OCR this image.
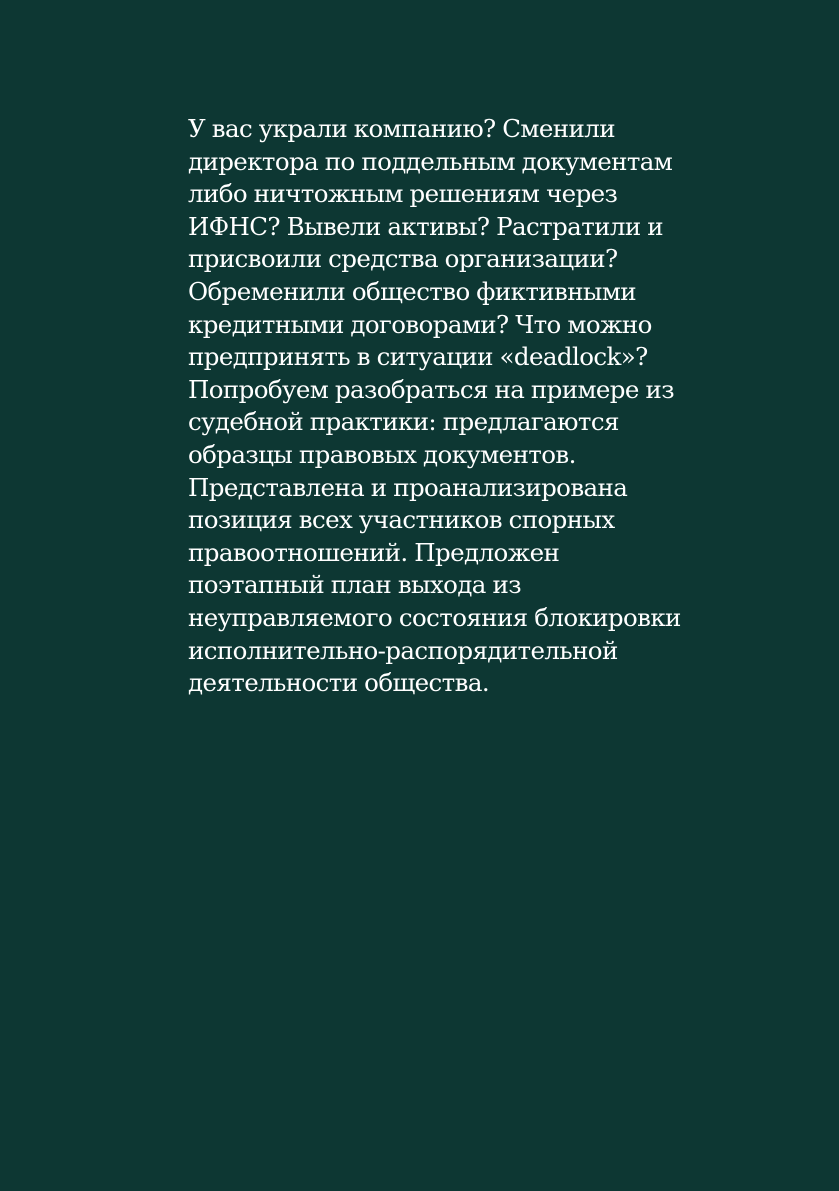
У вас украли компанию? Сменили
директора по поддельным документам
либо ничтожным решениям через
ИФНС? Вывели активы? Растратили и
присвоили средства организации?
Обременили общество фиктивными
кредитными договорами? Что можно
предпринять в ситуации «deadlock»?
Попробуем разобраться на примере из
судебной практики: предлагаются
образцы правовых документов.
Представлена и проанализирована
позиция всех участников спорных
правоотношений. Предложен
поэтапный план выхода из
неуправляемого состояния блокировки
исполнительно-распорядительной
деятельности общества.
